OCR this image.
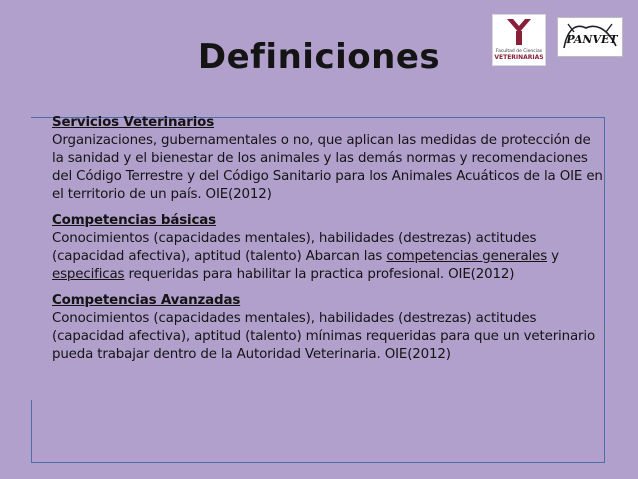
Facultad de Ciencias
VETERINARIAS
PANVET
Definiciones
Servicios Veterinarios
Organizaciones, gubernamentales o no, que aplican las medidas de protección de la sanidad y el bienestar de los animales y las demás normas y recomendaciones del Código Terrestre y del Código Sanitario para los Animales Acuáticos de la OIE en el territorio de un país. OIE(2012)
Competencias básicas
Conocimientos (capacidades mentales), habilidades (destrezas) actitudes (capacidad afectiva), aptitud (talento) Abarcan las competencias generales y especificas requeridas para habilitar la practica profesional. OIE(2012)
Competencias Avanzadas
Conocimientos (capacidades mentales), habilidades (destrezas) actitudes (capacidad afectiva), aptitud (talento) mínimas requeridas para que un veterinario pueda trabajar dentro de la Autoridad Veterinaria. OIE(2012)
